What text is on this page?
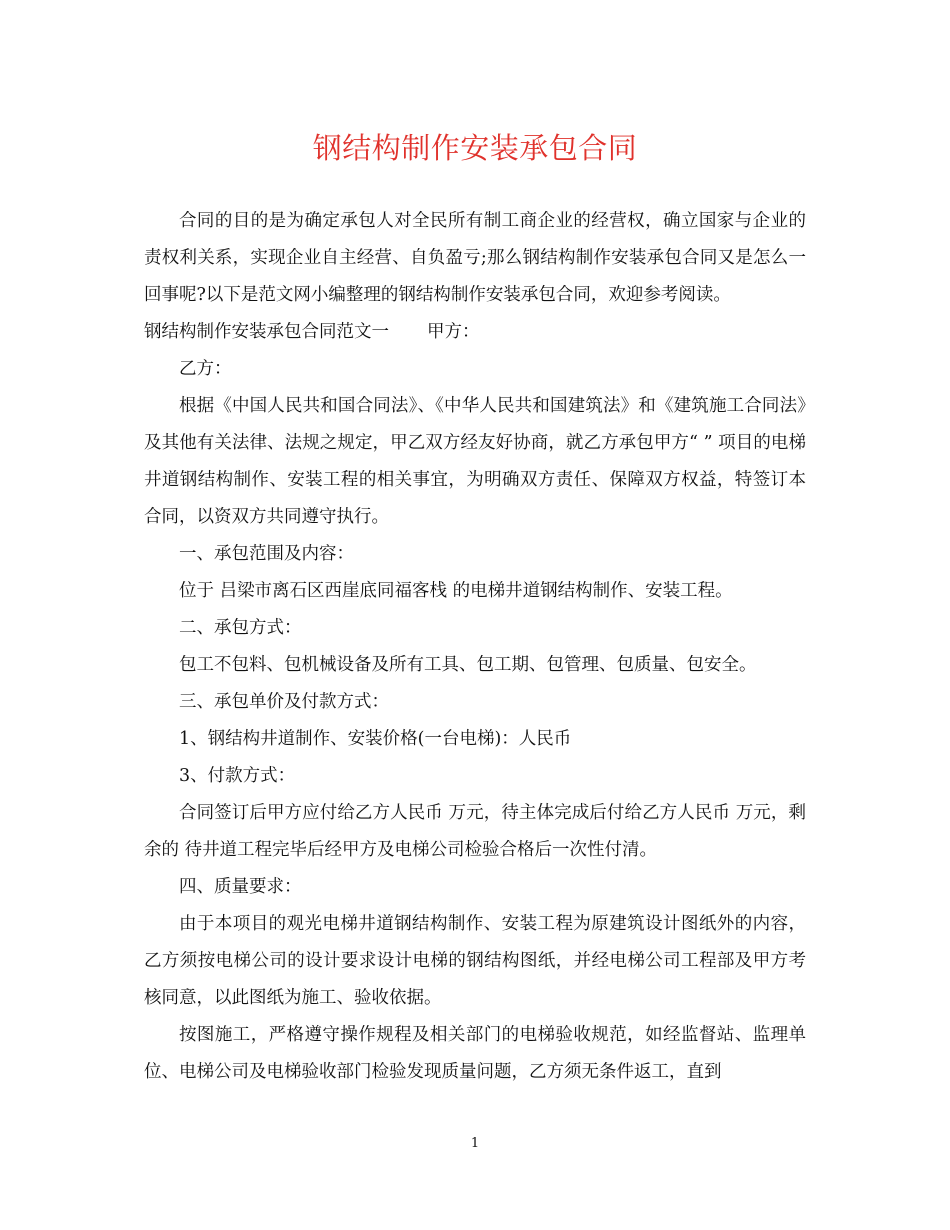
钢结构制作安装承包合同

合同的目的是为确定承包人对全民所有制工商企业的经营权，确立国家与企业的责权利关系，实现企业自主经营、自负盈亏;那么钢结构制作安装承包合同又是怎么一回事呢?以下是范文网小编整理的钢结构制作安装承包合同，欢迎参考阅读。

钢结构制作安装承包合同范文一 甲方：

乙方：

根据《中国人民共和国合同法》、《中华人民共和国建筑法》和《建筑施工合同法》及其他有关法律、法规之规定，甲乙双方经友好协商，就乙方承包甲方“ ” 项目的电梯井道钢结构制作、安装工程的相关事宜，为明确双方责任、保障双方权益，特签订本合同，以资双方共同遵守执行。

一、承包范围及内容：

位于 吕梁市离石区西崖底同福客栈 的电梯井道钢结构制作、安装工程。

二、承包方式：

包工不包料、包机械设备及所有工具、包工期、包管理、包质量、包安全。

三、承包单价及付款方式：

1、钢结构井道制作、安装价格(一台电梯)：人民币

3、付款方式：

合同签订后甲方应付给乙方人民币 万元，待主体完成后付给乙方人民币 万元，剩余的 待井道工程完毕后经甲方及电梯公司检验合格后一次性付清。

四、质量要求：

由于本项目的观光电梯井道钢结构制作、安装工程为原建筑设计图纸外的内容，乙方须按电梯公司的设计要求设计电梯的钢结构图纸，并经电梯公司工程部及甲方考核同意，以此图纸为施工、验收依据。

按图施工，严格遵守操作规程及相关部门的电梯验收规范，如经监督站、监理单位、电梯公司及电梯验收部门检验发现质量问题，乙方须无条件返工，直到

1
